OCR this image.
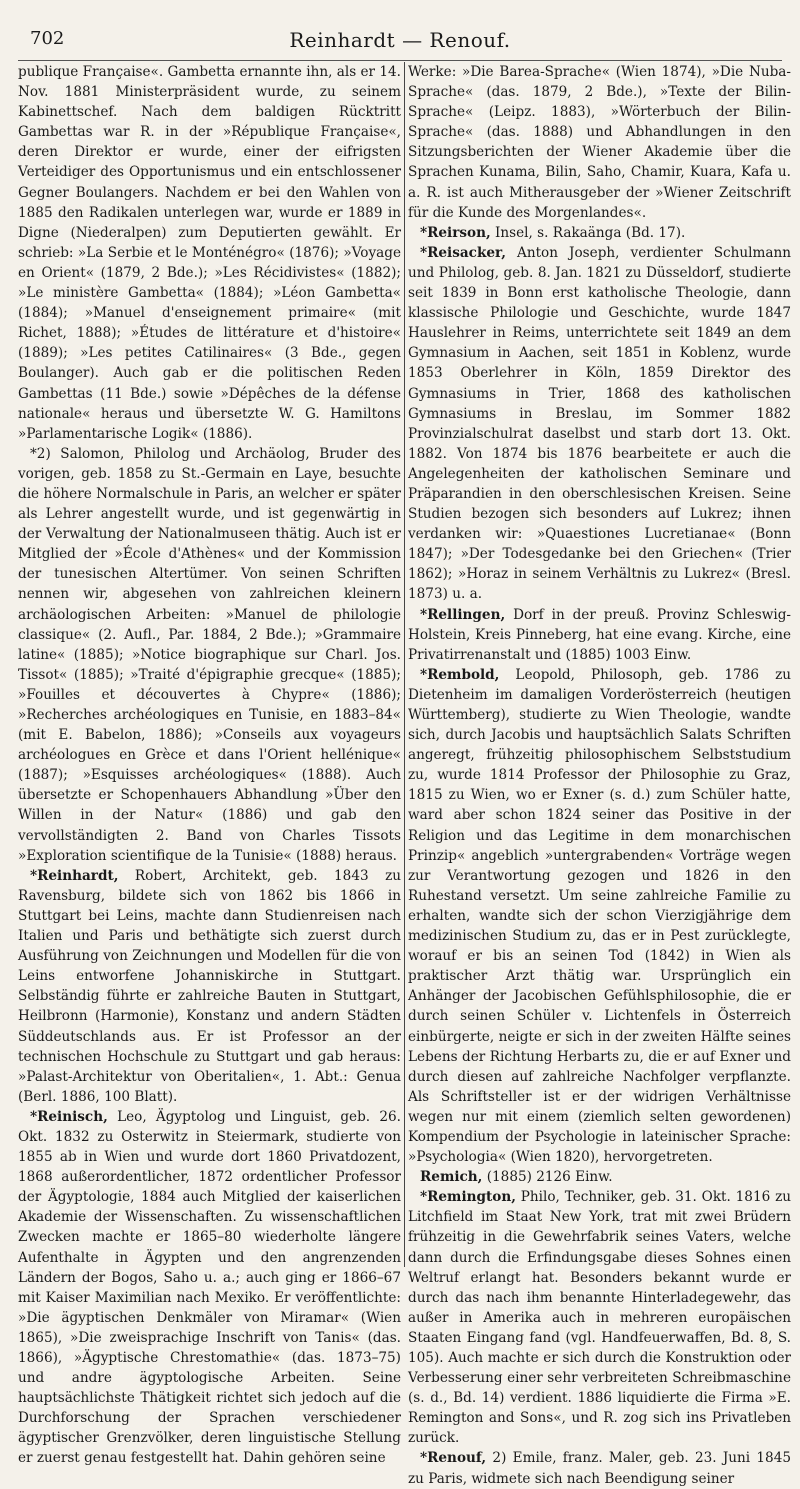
702	Reinhardt — Renouf.
publique Française«. Gambetta ernannte ihn, als er 14. Nov. 1881 Ministerpräsident wurde, zu seinem Kabinettschef. Nach dem baldigen Rücktritt Gambettas war R. in der »République Française«, deren Direktor er wurde, einer der eifrigsten Verteidiger des Opportunismus und ein entschlossener Gegner Boulangers. Nachdem er bei den Wahlen von 1885 den Radikalen unterlegen war, wurde er 1889 in Digne (Niederalpen) zum Deputierten gewählt. Er schrieb: »La Serbie et le Monténégro« (1876); »Voyage en Orient« (1879, 2 Bde.); »Les Récidivistes« (1882); »Le ministère Gambetta« (1884); »Léon Gambetta« (1884); »Manuel d'enseignement primaire« (mit Richet, 1888); »Études de littérature et d'histoire« (1889); »Les petites Catilinaires« (3 Bde., gegen Boulanger). Auch gab er die politischen Reden Gambettas (11 Bde.) sowie »Dépêches de la défense nationale« heraus und übersetzte W. G. Hamiltons »Parlamentarische Logik« (1886).
*2) Salomon, Philolog und Archäolog, Bruder des vorigen, geb. 1858 zu St.-Germain en Laye, besuchte die höhere Normalschule in Paris, an welcher er später als Lehrer angestellt wurde, und ist gegenwärtig in der Verwaltung der Nationalmuseen thätig. Auch ist er Mitglied der »École d'Athènes« und der Kommission der tunesischen Altertümer. Von seinen Schriften nennen wir, abgesehen von zahlreichen kleinern archäologischen Arbeiten: »Manuel de philologie classique« (2. Aufl., Par. 1884, 2 Bde.); »Grammaire latine« (1885); »Notice biographique sur Charl. Jos. Tissot« (1885); »Traité d'épigraphie grecque« (1885); »Fouilles et découvertes à Chypre« (1886); »Recherches archéologiques en Tunisie, en 1883–84« (mit E. Babelon, 1886); »Conseils aux voyageurs archéologues en Grèce et dans l'Orient hellénique« (1887); »Esquisses archéologiques« (1888). Auch übersetzte er Schopenhauers Abhandlung »Über den Willen in der Natur« (1886) und gab den vervollständigten 2. Band von Charles Tissots »Exploration scientifique de la Tunisie« (1888) heraus.
*Reinhardt, Robert, Architekt, geb. 1843 zu Ravensburg, bildete sich von 1862 bis 1866 in Stuttgart bei Leins, machte dann Studienreisen nach Italien und Paris und bethätigte sich zuerst durch Ausführung von Zeichnungen und Modellen für die von Leins entworfene Johanniskirche in Stuttgart. Selbständig führte er zahlreiche Bauten in Stuttgart, Heilbronn (Harmonie), Konstanz und andern Städten Süddeutschlands aus. Er ist Professor an der technischen Hochschule zu Stuttgart und gab heraus: »Palast-Architektur von Oberitalien«, 1. Abt.: Genua (Berl. 1886, 100 Blatt).
*Reinisch, Leo, Ägyptolog und Linguist, geb. 26. Okt. 1832 zu Osterwitz in Steiermark, studierte von 1855 ab in Wien und wurde dort 1860 Privatdozent, 1868 außerordentlicher, 1872 ordentlicher Professor der Ägyptologie, 1884 auch Mitglied der kaiserlichen Akademie der Wissenschaften. Zu wissenschaftlichen Zwecken machte er 1865–80 wiederholte längere Aufenthalte in Ägypten und den angrenzenden Ländern der Bogos, Saho u. a.; auch ging er 1866–67 mit Kaiser Maximilian nach Mexiko. Er veröffentlichte: »Die ägyptischen Denkmäler von Miramar« (Wien 1865), »Die zweisprachige Inschrift von Tanis« (das. 1866), »Ägyptische Chrestomathie« (das. 1873–75) und andre ägyptologische Arbeiten. Seine hauptsächlichste Thätigkeit richtet sich jedoch auf die Durchforschung der Sprachen verschiedener ägyptischer Grenzvölker, deren linguistische Stellung er zuerst genau festgestellt hat. Dahin gehören seine
Werke: »Die Barea-Sprache« (Wien 1874), »Die Nuba-Sprache« (das. 1879, 2 Bde.), »Texte der Bilin-Sprache« (Leipz. 1883), »Wörterbuch der Bilin-Sprache« (das. 1888) und Abhandlungen in den Sitzungsberichten der Wiener Akademie über die Sprachen Kunama, Bilin, Saho, Chamir, Kuara, Kafa u. a. R. ist auch Mitherausgeber der »Wiener Zeitschrift für die Kunde des Morgenlandes«.
*Reirson, Insel, s. Rakaänga (Bd. 17).
*Reisacker, Anton Joseph, verdienter Schulmann und Philolog, geb. 8. Jan. 1821 zu Düsseldorf, studierte seit 1839 in Bonn erst katholische Theologie, dann klassische Philologie und Geschichte, wurde 1847 Hauslehrer in Reims, unterrichtete seit 1849 an dem Gymnasium in Aachen, seit 1851 in Koblenz, wurde 1853 Oberlehrer in Köln, 1859 Direktor des Gymnasiums in Trier, 1868 des katholischen Gymnasiums in Breslau, im Sommer 1882 Provinzialschulrat daselbst und starb dort 13. Okt. 1882. Von 1874 bis 1876 bearbeitete er auch die Angelegenheiten der katholischen Seminare und Präparandien in den oberschlesischen Kreisen. Seine Studien bezogen sich besonders auf Lukrez; ihnen verdanken wir: »Quaestiones Lucretianae« (Bonn 1847); »Der Todesgedanke bei den Griechen« (Trier 1862); »Horaz in seinem Verhältnis zu Lukrez« (Bresl. 1873) u. a.
*Rellingen, Dorf in der preuß. Provinz Schleswig-Holstein, Kreis Pinneberg, hat eine evang. Kirche, eine Privatirrenanstalt und (1885) 1003 Einw.
*Rembold, Leopold, Philosoph, geb. 1786 zu Dietenheim im damaligen Vorderösterreich (heutigen Württemberg), studierte zu Wien Theologie, wandte sich, durch Jacobis und hauptsächlich Salats Schriften angeregt, frühzeitig philosophischem Selbststudium zu, wurde 1814 Professor der Philosophie zu Graz, 1815 zu Wien, wo er Exner (s. d.) zum Schüler hatte, ward aber schon 1824 seiner das Positive in der Religion und das Legitime in dem monarchischen Prinzip« angeblich »untergrabenden« Vorträge wegen zur Verantwortung gezogen und 1826 in den Ruhestand versetzt. Um seine zahlreiche Familie zu erhalten, wandte sich der schon Vierzigjährige dem medizinischen Studium zu, das er in Pest zurücklegte, worauf er bis an seinen Tod (1842) in Wien als praktischer Arzt thätig war. Ursprünglich ein Anhänger der Jacobischen Gefühlsphilosophie, die er durch seinen Schüler v. Lichtenfels in Österreich einbürgerte, neigte er sich in der zweiten Hälfte seines Lebens der Richtung Herbarts zu, die er auf Exner und durch diesen auf zahlreiche Nachfolger verpflanzte. Als Schriftsteller ist er der widrigen Verhältnisse wegen nur mit einem (ziemlich selten gewordenen) Kompendium der Psychologie in lateinischer Sprache: »Psychologia« (Wien 1820), hervorgetreten.
Remich, (1885) 2126 Einw.
*Remington, Philo, Techniker, geb. 31. Okt. 1816 zu Litchfield im Staat New York, trat mit zwei Brüdern frühzeitig in die Gewehrfabrik seines Vaters, welche dann durch die Erfindungsgabe dieses Sohnes einen Weltruf erlangt hat. Besonders bekannt wurde er durch das nach ihm benannte Hinterladegewehr, das außer in Amerika auch in mehreren europäischen Staaten Eingang fand (vgl. Handfeuerwaffen, Bd. 8, S. 105). Auch machte er sich durch die Konstruktion oder Verbesserung einer sehr verbreiteten Schreibmaschine (s. d., Bd. 14) verdient. 1886 liquidierte die Firma »E. Remington and Sons«, und R. zog sich ins Privatleben zurück.
*Renouf, 2) Emile, franz. Maler, geb. 23. Juni 1845 zu Paris, widmete sich nach Beendigung seiner
